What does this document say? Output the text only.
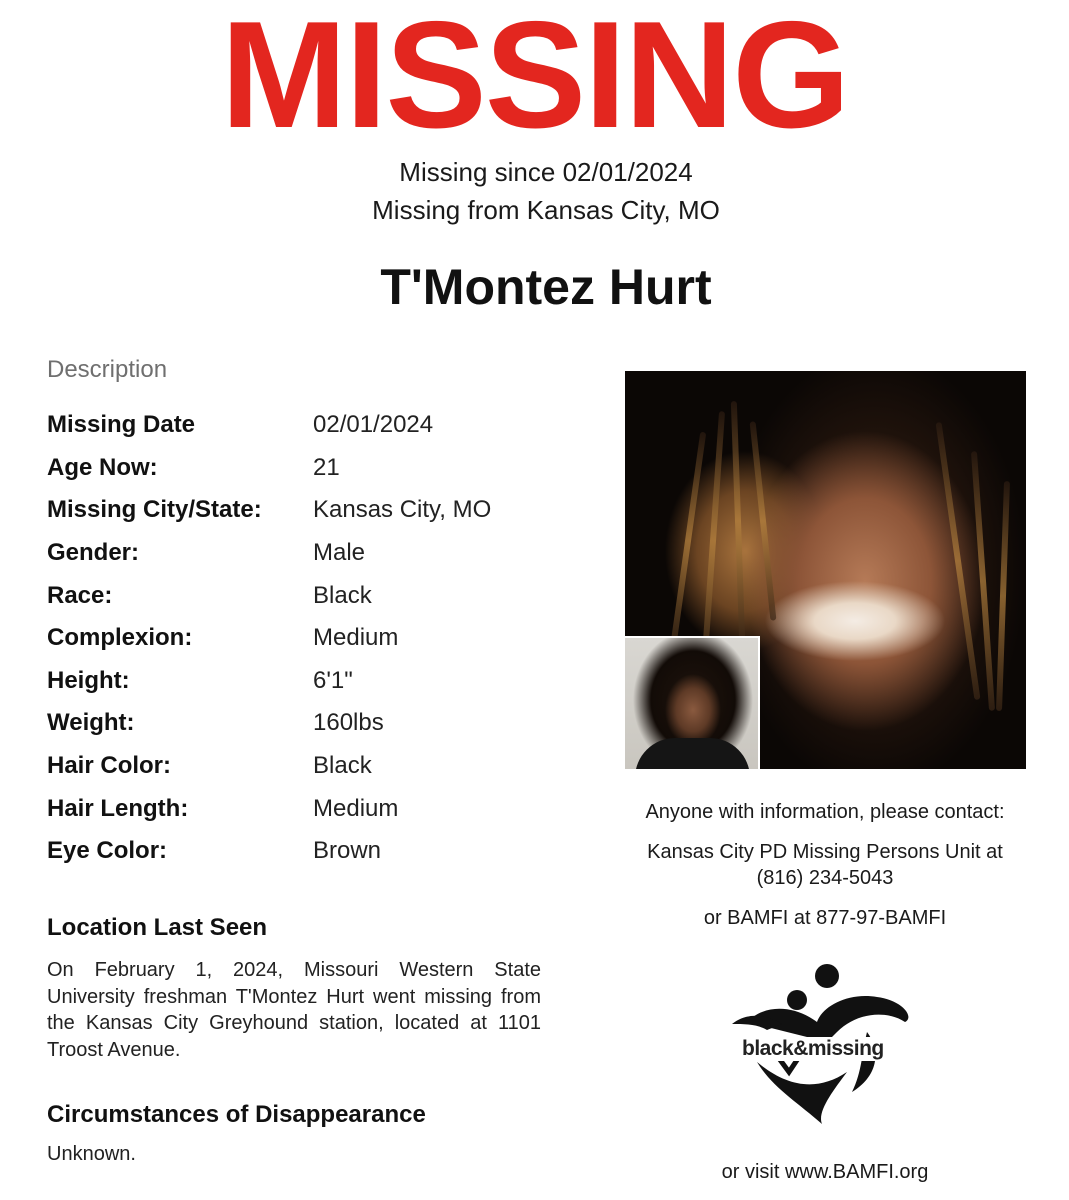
MISSING
Missing since 02/01/2024
Missing from Kansas City, MO
T'Montez Hurt
Description
Missing Date	02/01/2024
Age Now:	21
Missing City/State:	Kansas City, MO
Gender:	Male
Race:	Black
Complexion:	Medium
Height:	6'1"
Weight:	160lbs
Hair Color:	Black
Hair Length:	Medium
Eye Color:	Brown
Location Last Seen
On February 1, 2024, Missouri Western State University freshman T'Montez Hurt went missing from the Kansas City Greyhound station, located at 1101 Troost Avenue.
Circumstances of Disappearance
Unknown.
Anyone with information, please contact:
Kansas City PD Missing Persons Unit at
(816) 234-5043
or BAMFI at 877-97-BAMFI
black&missing
or visit www.BAMFI.org
